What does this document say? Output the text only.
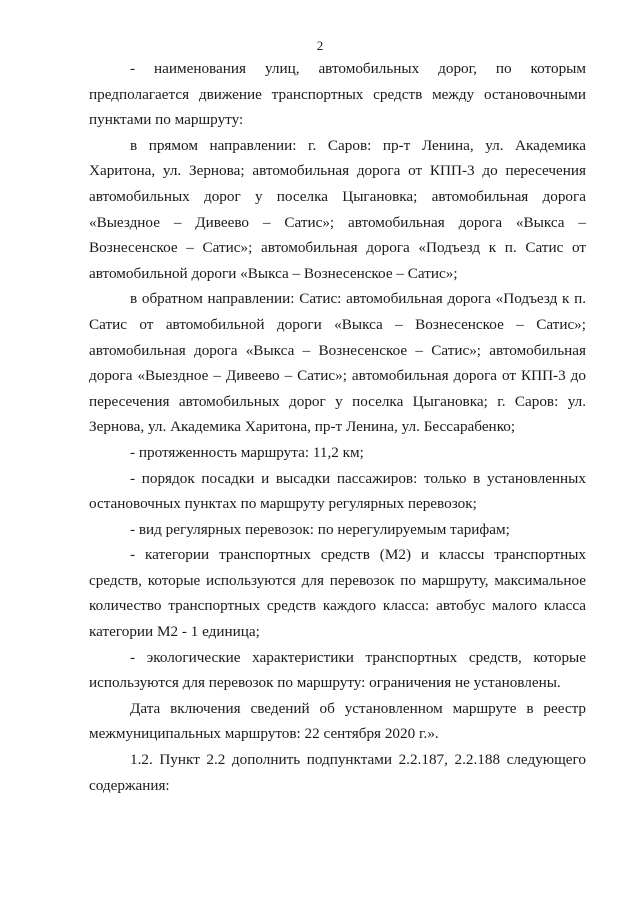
2

- наименования улиц, автомобильных дорог, по которым предполагается движение транспортных средств между остановочными пунктами по маршруту:

в прямом направлении: г. Саров: пр-т Ленина, ул. Академика Харитона, ул. Зернова; автомобильная дорога от КПП-3 до пересечения автомобильных дорог у поселка Цыгановка; автомобильная дорога «Выездное – Дивеево – Сатис»; автомобильная дорога «Выкса – Вознесенское – Сатис»; автомобильная дорога «Подъезд к п. Сатис от автомобильной дороги «Выкса – Вознесенское – Сатис»;

в обратном направлении: Сатис: автомобильная дорога «Подъезд к п. Сатис от автомобильной дороги «Выкса – Вознесенское – Сатис»; автомобильная дорога «Выкса – Вознесенское – Сатис»; автомобильная дорога «Выездное – Дивеево – Сатис»; автомобильная дорога от КПП-3 до пересечения автомобильных дорог у поселка Цыгановка; г. Саров: ул. Зернова, ул. Академика Харитона, пр-т Ленина, ул. Бессарабенко;

- протяженность маршрута: 11,2 км;

- порядок посадки и высадки пассажиров: только в установленных остановочных пунктах по маршруту регулярных перевозок;

- вид регулярных перевозок: по нерегулируемым тарифам;

- категории транспортных средств (М2) и классы транспортных средств, которые используются для перевозок по маршруту, максимальное количество транспортных средств каждого класса: автобус малого класса категории М2 - 1 единица;

- экологические характеристики транспортных средств, которые используются для перевозок по маршруту: ограничения не установлены.

Дата включения сведений об установленном маршруте в реестр межмуниципальных маршрутов: 22 сентября 2020 г.».

1.2. Пункт 2.2 дополнить подпунктами 2.2.187, 2.2.188 следующего содержания:
